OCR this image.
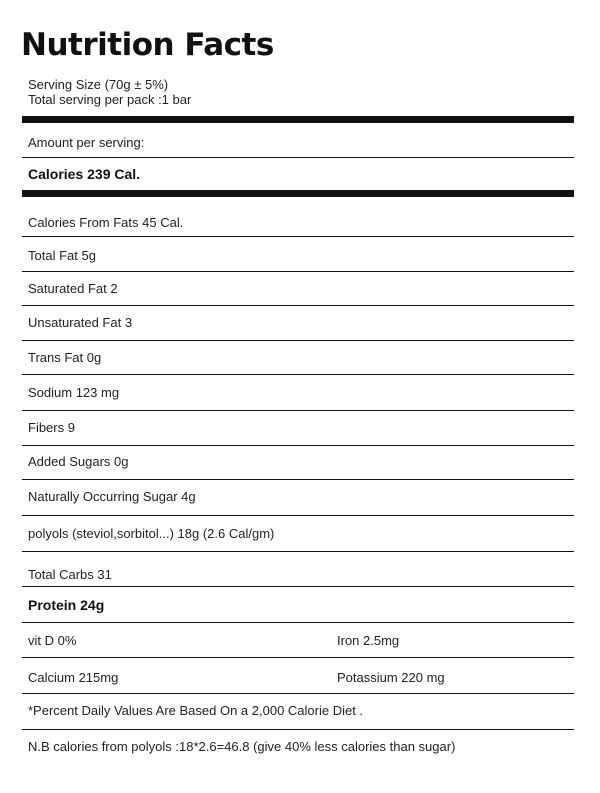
Nutrition Facts
Serving Size (70g ± 5%)
Total serving per pack :1 bar
Amount per serving:
Calories 239 Cal.
Calories From Fats 45 Cal.
Total Fat 5g
Saturated Fat 2
Unsaturated Fat 3
Trans Fat 0g
Sodium 123 mg
Fibers 9
Added Sugars 0g
Naturally Occurring Sugar 4g
polyols (steviol,sorbitol...) 18g (2.6 Cal/gm)
Total Carbs 31
Protein 24g
vit D 0%	Iron 2.5mg
Calcium 215mg	Potassium 220 mg
*Percent Daily Values Are Based On a 2,000 Calorie Diet .
N.B calories from polyols :18*2.6=46.8 (give 40% less calories than sugar)
